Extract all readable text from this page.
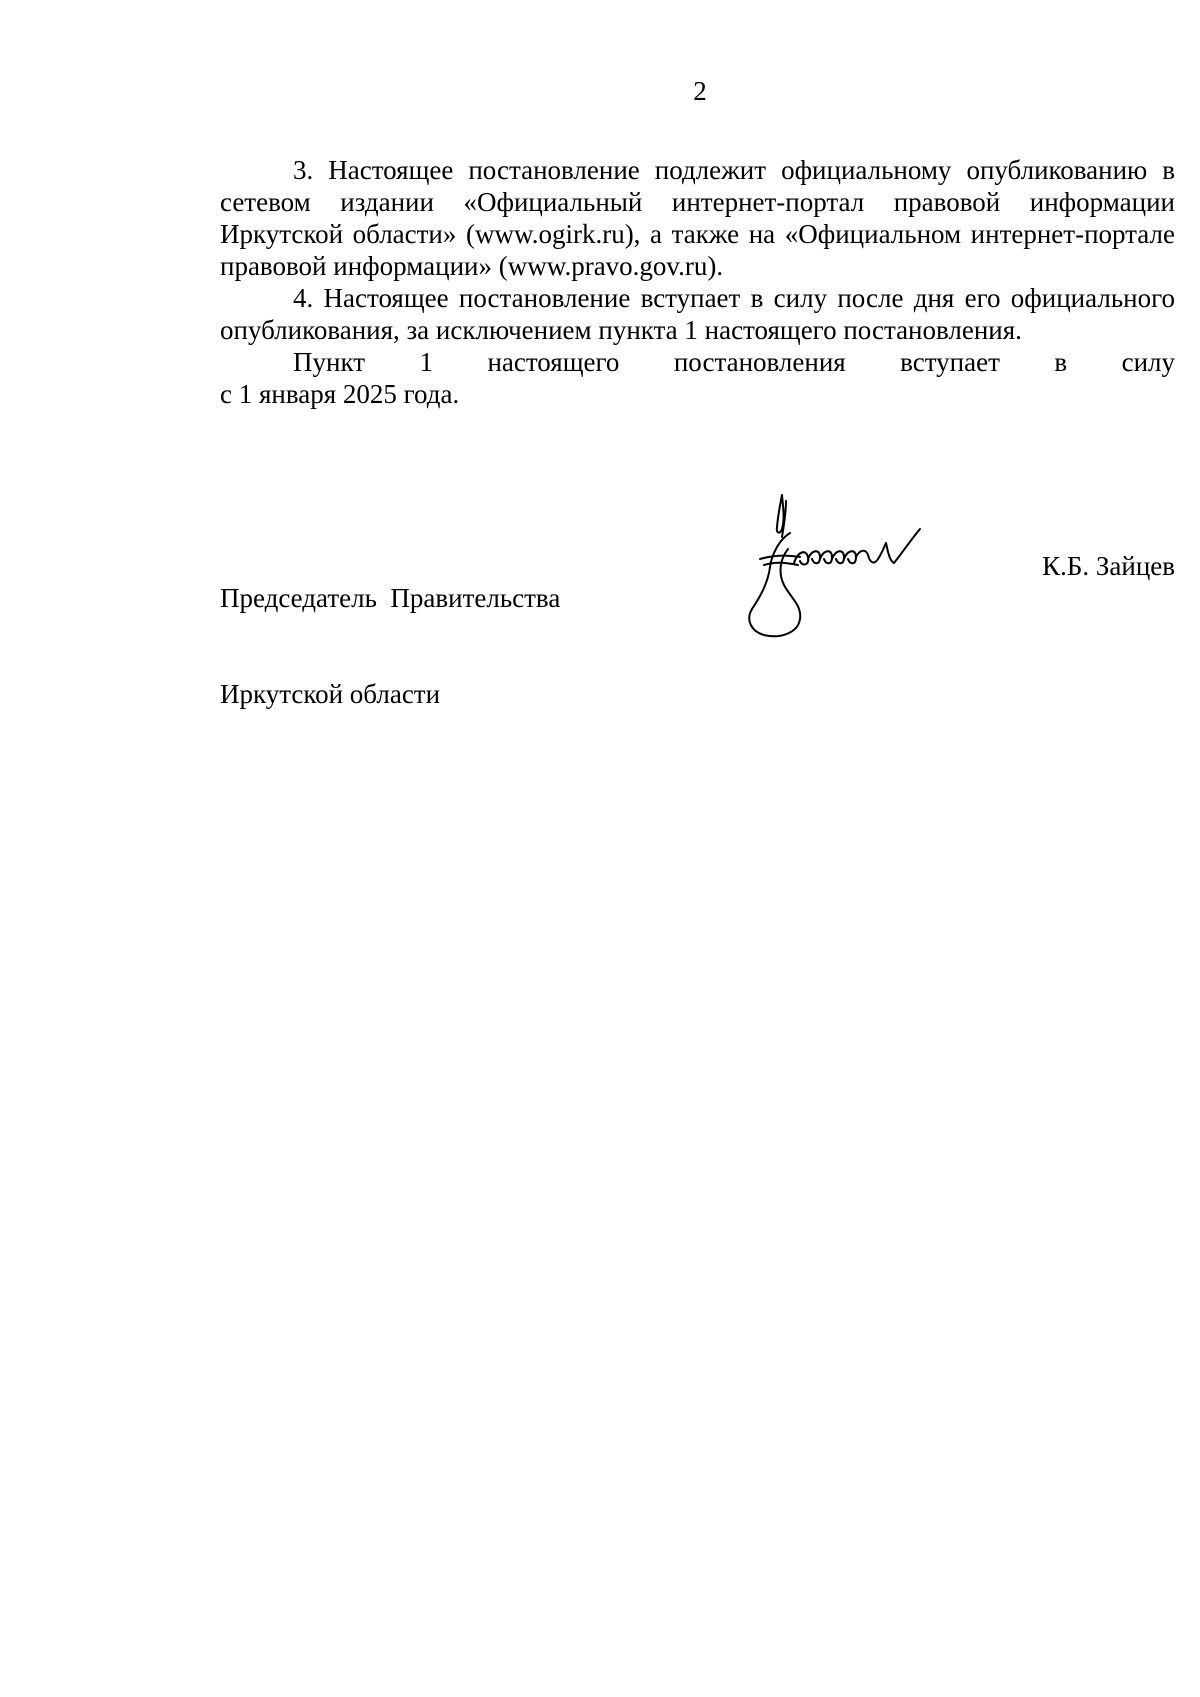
2

3. Настоящее постановление подлежит официальному опубликованию в сетевом издании «Официальный интернет-портал правовой информации Иркутской области» (www.ogirk.ru), а также на «Официальном интернет-портале правовой информации» (www.pravo.gov.ru).

4. Настоящее постановление вступает в силу после дня его официального опубликования, за исключением пункта 1 настоящего постановления.

Пункт 1 настоящего постановления вступает в силу
с 1 января 2025 года.

Председатель  Правительства

Иркутской области

К.Б. Зайцев
